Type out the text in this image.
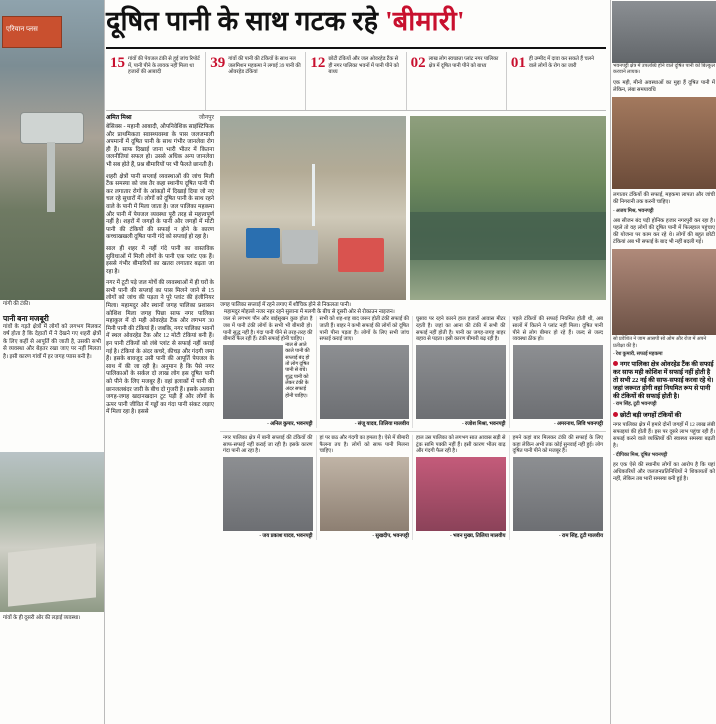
एरियान प्लस
गांगी की टंकी।
पानी बना मजबूरी
गांवों के गड़ते क्षेत्रों में लोगों को लगभग मिलकर वर्ष होता है कि देहातों में ने देखने गए शहरी क्षेत्रों के लिए कहीं से आपूर्ति की जाती है, उसकी सभी से व्यवस्था और बेहतर रखा जाए पर नहीं मिलता है। इसी कारण गांवों में हर जगह प्यास बनी है।
गांवों के ही दूसरी ओर की लड़ाई व्यवस्था।
दूषित पानी के साथ गटक रहे 'बीमारी'
15 गांवों की पेयजल टंकी से हुई जांच रिपोर्ट में, पानी पीने के लायक नहीं मिला था हजारों की आबादी
39 गांवों की पानी की टंकियों के साथ नल जलमिशन महकमा ने लगाई 39 पानी की ओवरहेड टंकियां
12 छोटी टंकियों और जल ओवरहेड टैंक से ही नगर पालिका भवनों में पानी पीने को बाध्य
02 लाख लोग स्वच्छता प्लांट नगर पालिका क्षेत्र में दूषित पानी पीने को बाध्य	01 ही उम्मीद में दावा कर सकते हैं चलने वाले लोगों के रोग का जारी
जौनपुर
अमित मिश्रा

बेसिक्स - महानी आबादी, औपनिवेशिक साइंस्टिफिक और प्राथमिकता स्वास्थ्यवस्था के पास जलजमाली अपमानों में दूषित पानी के साथ गंभीर जानलेवा रोग ही हैं। साफ दिखाई जाना भारी भीतर में कितना जलनीतियां सफल हो। उससे अधिक अन्य जानलेवा भी सब होते हैं, प्रश्न बीमारियों पर भी फैलते छानती हैं।

शहरी क्षेत्रों पानी सप्लाई व्यवस्थाओं की जांच मिली टैंक समस्या को जब तैर कहा स्थानीय दूषित पानी पी कर लगातार रोगों के आंकड़ों में दिखाई दिया जो नए चल रहे सुधारों में। लोगों को दूषित पानी के साथ रहने वाले के पानी में मिला जाता है। जल पालिका महकमा और पानी में पेयजल व्यवस्था पूरी तरह से महत्त्वपूर्ण नहीं है। शहरों में जगहों के पानी और जगहों में मोटी पानी की टंकियों की सफाई न होने के कारण कच्चाखखली दूषित पानी गंदे को सप्लाई हो रहा है।

साल ही शहर में नहीं गंदे पानी का वास्तविक सुविधाओं में मिली लोगों के पानी एक प्लांट एक हैं। इससे गंभीर बीमारियों का खतरा लगातार बढ़ता जा रहा है।

नगर में टूटी पड़े जल मोर्चे की व्यवस्थाओं में ही घरों के सभी पानी की सप्लाई का पास मिलने जाने से 15 लोगों को जांच की पड़ता ने पूरे प्लांट की इंजीनियर मिला। महामदुर और स्थानों जगह पालिका प्रशासन कोशिश मिला जगह पिछा साफ नगर पालिका महाकुल में दो मही ओवरहेड टैंक और लगभग 30 मिनी पानी की टंकियां हैं। जबकि, नगर पालिका भवनों में स्थल ओवरहेड टैंक और 12 मोटी टंकियां बनी हैं। इन पानी टंकियों को लंबे प्लांट से सफाई नहीं कराई गई है। टंकियां के अंदर कचरे, कीचड़ और गंदगी जमा हैं। इसके बावजूद उसी पानी की आपूर्ति पेयजल के साथ में की जा रही है। अनुमान है कि पैसे नगर पालिकाओं के सर्कल दो लाख लोग इस दूषित पानी को पीने के लिए मजबूर हैं। वहां इलाकों में पानी की छानजलबंदर जारी के बीच दो गुजरी हैं। इसके अलावा जगह-जगह खदानखदान टूट पड़ी हैं और लोगों के ऊपर पानी जीवित में गड्ढों का गंदा पानी संकट लड़ाए में मिला रहा है। इससे

जगह पालिका सप्लाई में रहने लगाए में शौचिक होने से निकलता पानी। महामदुर मोहल्ले नजर नहर रहने सुलाना में मलगी के बीच से दूसरी ओर से रोकाउन नाइजन।
जल से लगभग पौन और बाईसुखन कुछ होता है जब में पानी टंकी लोगों के सभी भी बीमारी हो। पानी सुद्ध नहीं है। गंदा पानी पीने से तरह-तरह की बीमारी फैल रही हैं। टंकी सफाई होनी चाहिए।
नाल से आते काले पानी की सप्लाई बंद हो तो लोग दूषित पानी से बचे। शुद्ध पानी को लेकर टंकी के अंदर सफाई होनी चाहिए।
- अनिल कुमार, भवनपट्टी
सभी को शह-शह बाद जरूर होती टंकी सफाई की जाती हैं। बाहर ने कभी सफाई की लोगों को दूषित पानी पीना पड़ता है। लोगों के लिए सभी जांच सफाई कराई जाए।
- संजू यादव, तिलिया मालवीय
घुसाव पर रहने कारने हाल हजारों आवास मीटर रहती है। जहां का आना की टंकी में सभी की सफाई नहीं होती है। पानी का जगह-जगह बाहर बहाव से पड़ता। इसी कारण बीमारी बढ़ रही है।
- रजोश मिश्रा, भवनपट्टी
पहले टंकियों की सफाई नियमित होती थी, अब सालों में कितने ने प्लांट नहीं मिला। दूषित पानी पीने से लोग बीमार हो रहे हैं। जल्द से जल्द व्यवस्था ठीक हो।
- अमरनाथ, लिवि भवनपट्टी
नगर पालिका क्षेत्र में बानी सप्लाई की टंकियों की साफ-सफाई नहीं कराई जा रही है। इसके कारण गंदा पानी आ रहा है।
- जय प्रकाश यादव, भवनपट्टी
हां पर छठ और गंदगी का हमला है। ऐसे में बीमारी फैलना तय है। लोगों को साफ पानी मिलना चाहिए।
- सुखदीप, भवनपट्टी
हाल उस पालिका को लगभग सात आवास सड़ी से ट्रंक सामि पक्की नहीं हैं। इसी कारण भीतर बाढ़ और गंदगी फैल रही है।
- भवन मुख्य, तिलिया मालवीय
हमने कहां बार मिलकर टंकी की सफाई के लिए कहा लेकिन अभी तक कोई सुनवाई नहीं हुई। लोग दूषित पानी पीने को मजबूर हैं।
- राम सिंह, टूटी मालवीय
भवनपट्टी क्षेत्र में उपलब्धि होने वाले दूषित पानी को बिल्कुल करवाने लायक।
एक मही, मीनो अवस्थाओं का मुद्दा हैं दूषित पानी में लेकिन, लंबा समयावधि
लगातार टंकियों की सफाई, महकमा लापता और जांची की निगरानी तक करनी चाहिए।
- अजय मिश्र, भवनपट्टी
अब सीजन बंद पड़ी होनिक हजार नगरपुरी कर रहा है। पहले तो वह लोगों की दूषित पानी में फिलहाल पहुंचाए की योजना पर काम कर रहे थे। लोगों की बहुत छोटी टंकियां अब भी सफाई के बाद भी नहीं बदली गई।
सो प्रवेशित ने जाम आसपी सो ओम और रोज में अपने प्रतीक्षा की है।
- रेश कुमारी, सफाई महकमा
नगर पालिका क्षेत्र ओवरहेड टैंक की सफाई कर साफ मही कोशिश में सफाई नहीं होती है तो सभी 22 नई की साफ-सफाई करवा रहे थे। जहां जरूरत होगी वहां नियमित रूप से पानी की टंकियों की सफाई होती है।
- राम सिंह, टूटी भवनपट्टी
छोटी बड़ी जगहों टंकियों की
नगर पालिका क्षेत्र में हमारे दोनों जगहों में 12 लाख लंबी सफाइयां की होती हैं। इस पर दूसरे लाभ पहुंचा रही हैं। सफाई करने वाले व्यक्तियों की स्वास्थ्य समस्या बढ़ती है।
- दीपिका मिश्र, दूषित भवनपट्टी
हर एक ऐसे की स्थानीय लोगों का आरोप है कि यहां अधिकारियों और जलजनप्रतिनिधियों ने शिकायतों को नहीं, लेकिन तब भारी समस्या बनी हुई है।
